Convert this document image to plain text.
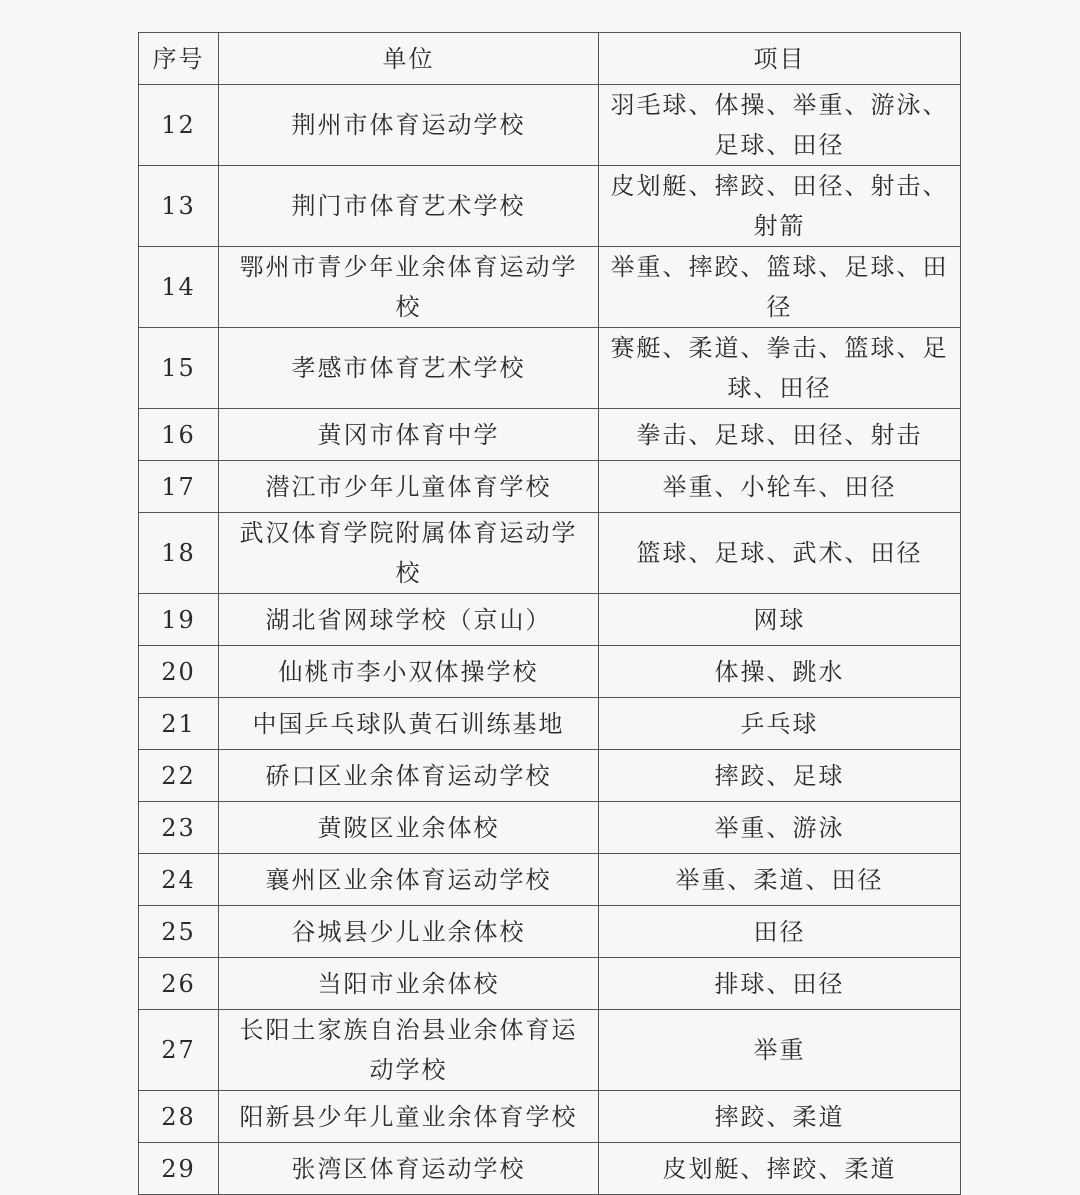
序号	单位	项目
12	荆州市体育运动学校	羽毛球、体操、举重、游泳、足球、田径
13	荆门市体育艺术学校	皮划艇、摔跤、田径、射击、射箭
14	鄂州市青少年业余体育运动学校	举重、摔跤、篮球、足球、田径
15	孝感市体育艺术学校	赛艇、柔道、拳击、篮球、足球、田径
16	黄冈市体育中学	拳击、足球、田径、射击
17	潜江市少年儿童体育学校	举重、小轮车、田径
18	武汉体育学院附属体育运动学校	篮球、足球、武术、田径
19	湖北省网球学校（京山）	网球
20	仙桃市李小双体操学校	体操、跳水
21	中国乒乓球队黄石训练基地	乒乓球
22	硚口区业余体育运动学校	摔跤、足球
23	黄陂区业余体校	举重、游泳
24	襄州区业余体育运动学校	举重、柔道、田径
25	谷城县少儿业余体校	田径
26	当阳市业余体校	排球、田径
27	长阳土家族自治县业余体育运动学校	举重
28	阳新县少年儿童业余体育学校	摔跤、柔道
29	张湾区体育运动学校	皮划艇、摔跤、柔道
